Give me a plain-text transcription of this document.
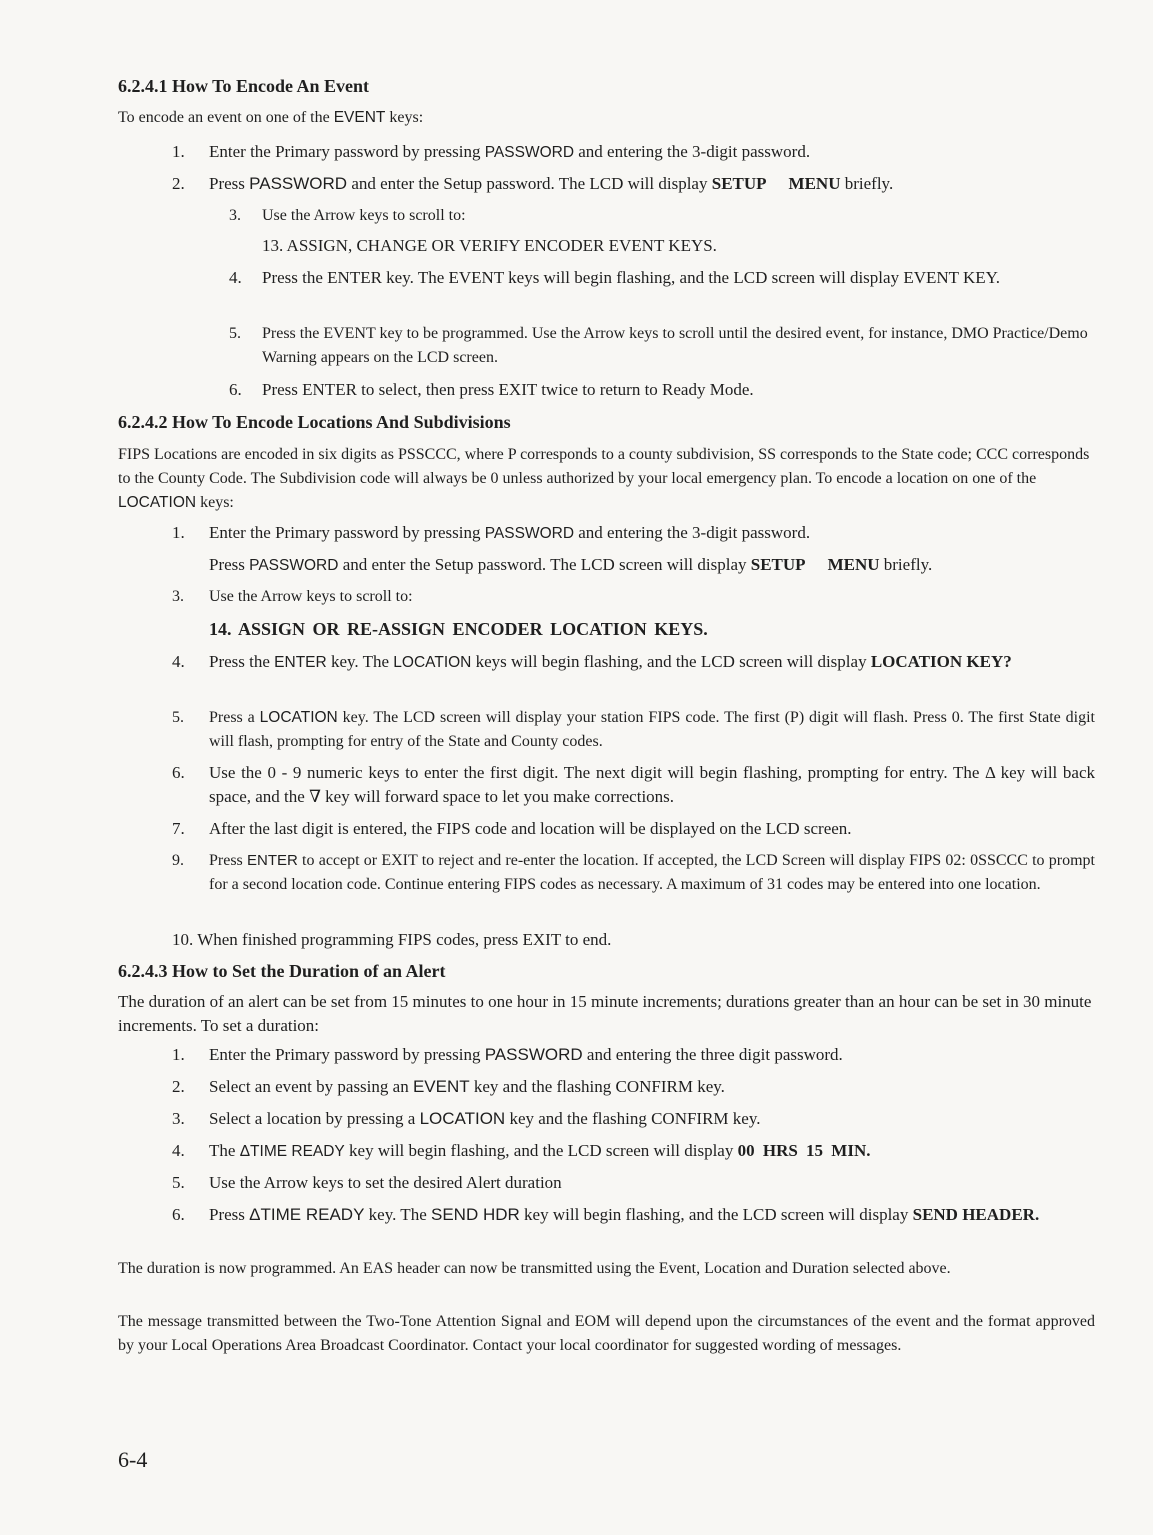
6.2.4.1 How To Encode An Event
To encode an event on one of the EVENT keys:
1. Enter the Primary password by pressing PASSWORD and entering the 3-digit password.
2. Press PASSWORD and enter the Setup password. The LCD will display SETUP MENU briefly.
3. Use the Arrow keys to scroll to:
13. ASSIGN, CHANGE OR VERIFY ENCODER EVENT KEYS.
4. Press the ENTER key. The EVENT keys will begin flashing, and the LCD screen will display EVENT KEY.
5. Press the EVENT key to be programmed. Use the Arrow keys to scroll until the desired event, for instance, DMO Practice/Demo Warning appears on the LCD screen.
6. Press ENTER to select, then press EXIT twice to return to Ready Mode.
6.2.4.2 How To Encode Locations And Subdivisions
FIPS Locations are encoded in six digits as PSSCCC, where P corresponds to a county subdivision, SS corresponds to the State code; CCC corresponds to the County Code. The Subdivision code will always be 0 unless authorized by your local emergency plan. To encode a location on one of the LOCATION keys:
1. Enter the Primary password by pressing PASSWORD and entering the 3-digit password.
Press PASSWORD and enter the Setup password. The LCD screen will display SETUP MENU briefly.
3. Use the Arrow keys to scroll to:
14. ASSIGN OR RE-ASSIGN ENCODER LOCATION KEYS.
4. Press the ENTER key. The LOCATION keys will begin flashing, and the LCD screen will display LOCATION KEY?
5. Press a LOCATION key. The LCD screen will display your station FIPS code. The first (P) digit will flash. Press 0. The first State digit will flash, prompting for entry of the State and County codes.
6. Use the 0 - 9 numeric keys to enter the first digit. The next digit will begin flashing, prompting for entry. The Δ key will back space, and the ∇ key will forward space to let you make corrections.
7. After the last digit is entered, the FIPS code and location will be displayed on the LCD screen.
9. Press ENTER to accept or EXIT to reject and re-enter the location. If accepted, the LCD Screen will display FIPS 02: 0SSCCC to prompt for a second location code. Continue entering FIPS codes as necessary. A maximum of 31 codes may be entered into one location.
10. When finished programming FIPS codes, press EXIT to end.
6.2.4.3 How to Set the Duration of an Alert
The duration of an alert can be set from 15 minutes to one hour in 15 minute increments; durations greater than an hour can be set in 30 minute increments. To set a duration:
1. Enter the Primary password by pressing PASSWORD and entering the three digit password.
2. Select an event by passing an EVENT key and the flashing CONFIRM key.
3. Select a location by pressing a LOCATION key and the flashing CONFIRM key.
4. The ΔTIME READY key will begin flashing, and the LCD screen will display 00 HRS 15 MIN.
5. Use the Arrow keys to set the desired Alert duration
6. Press ΔTIME READY key. The SEND HDR key will begin flashing, and the LCD screen will display SEND HEADER.
The duration is now programmed. An EAS header can now be transmitted using the Event, Location and Duration selected above.
The message transmitted between the Two-Tone Attention Signal and EOM will depend upon the circumstances of the event and the format approved by your Local Operations Area Broadcast Coordinator. Contact your local coordinator for suggested wording of messages.
6-4
